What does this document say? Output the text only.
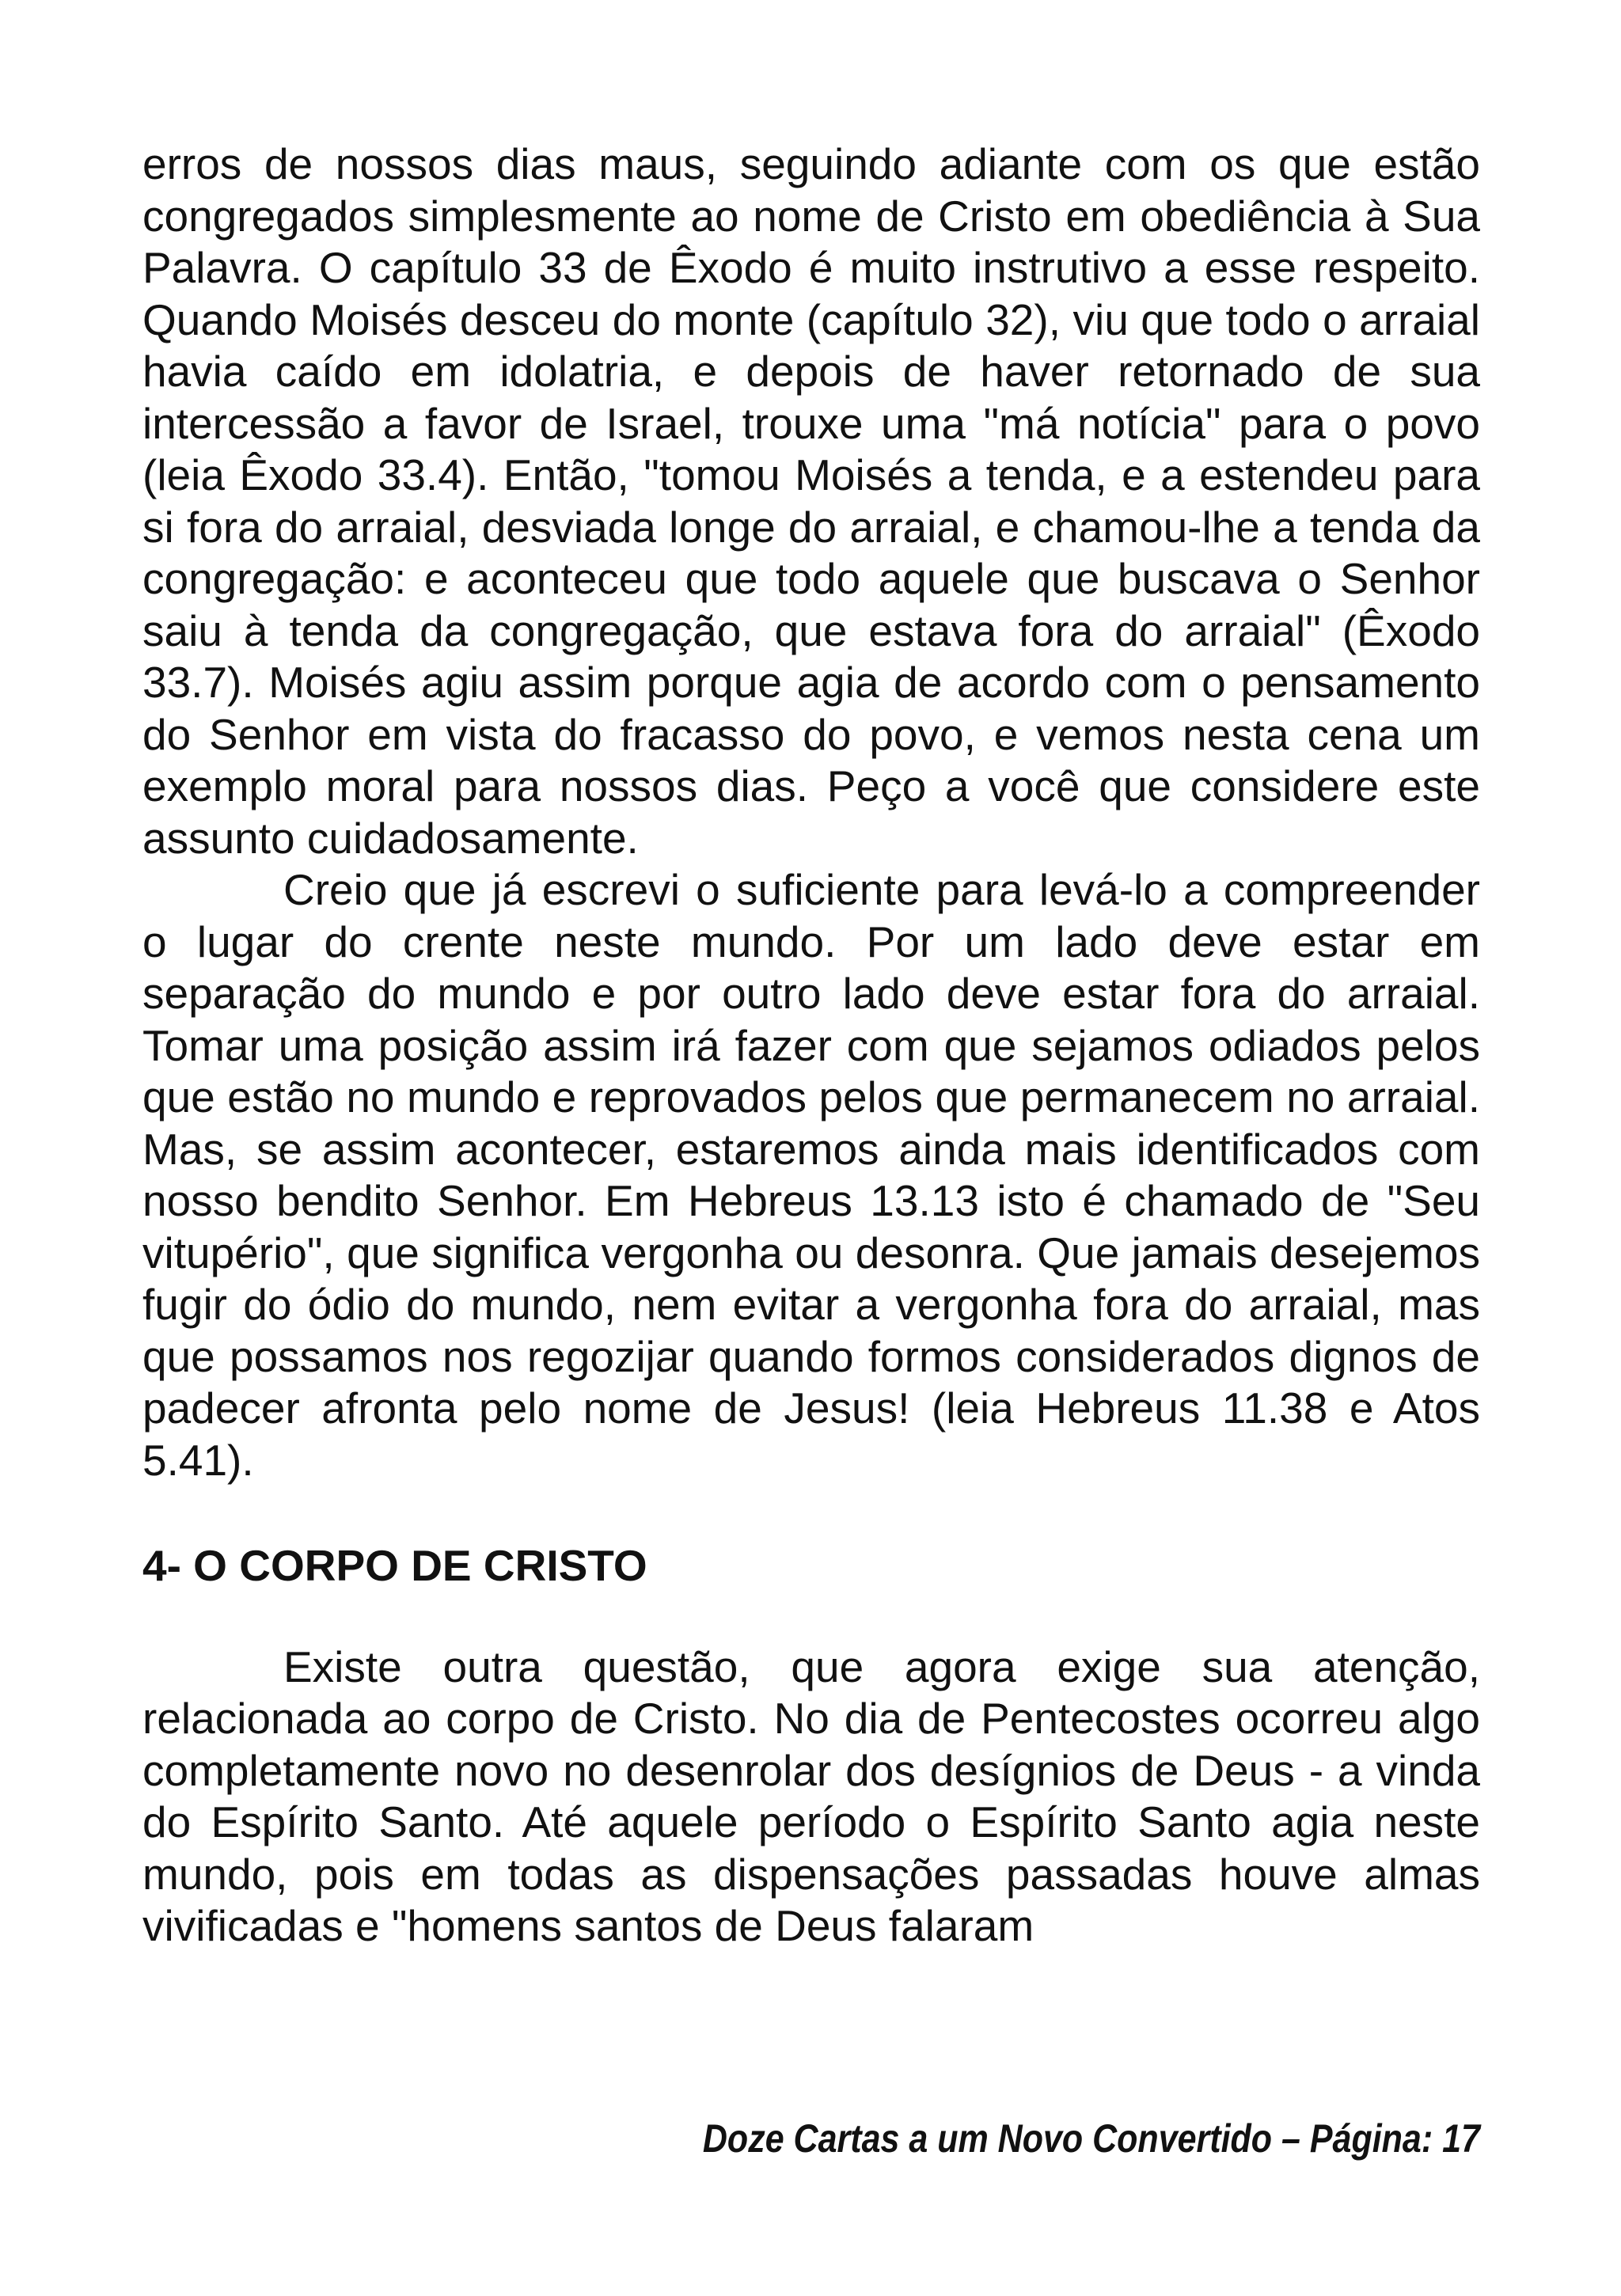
erros de nossos dias maus, seguindo adiante com os que estão congregados simplesmente ao nome de Cristo em obediência à Sua Palavra. O capítulo 33 de Êxodo é muito instrutivo a esse respeito. Quando Moisés desceu do monte (capítulo 32), viu que todo o arraial havia caído em idolatria, e depois de haver retornado de sua intercessão a favor de Israel, trouxe uma "má notícia" para o povo (leia Êxodo 33.4). Então, "tomou Moisés a tenda, e a estendeu para si fora do arraial, desviada longe do arraial, e chamou-lhe a tenda da congregação: e aconteceu que todo aquele que buscava o Senhor saiu à tenda da congregação, que estava fora do arraial" (Êxodo 33.7). Moisés agiu assim porque agia de acordo com o pensamento do Senhor em vista do fracasso do povo, e vemos nesta cena um exemplo moral para nossos dias. Peço a você que considere este assunto cuidadosamente.

Creio que já escrevi o suficiente para levá-lo a compreender o lugar do crente neste mundo. Por um lado deve estar em separação do mundo e por outro lado deve estar fora do arraial. Tomar uma posição assim irá fazer com que sejamos odiados pelos que estão no mundo e reprovados pelos que permanecem no arraial. Mas, se assim acontecer, estaremos ainda mais identificados com nosso bendito Senhor. Em Hebreus 13.13 isto é chamado de "Seu vitupério", que significa vergonha ou desonra. Que jamais desejemos fugir do ódio do mundo, nem evitar a vergonha fora do arraial, mas que possamos nos regozijar quando formos considerados dignos de padecer afronta pelo nome de Jesus! (leia Hebreus 11.38 e Atos 5.41).

4- O CORPO DE CRISTO

Existe outra questão, que agora exige sua atenção, relacionada ao corpo de Cristo. No dia de Pentecostes ocorreu algo completamente novo no desenrolar dos desígnios de Deus - a vinda do Espírito Santo. Até aquele período o Espírito Santo agia neste mundo, pois em todas as dispensações passadas houve almas vivificadas e "homens santos de Deus falaram

Doze Cartas a um Novo Convertido – Página: 17
